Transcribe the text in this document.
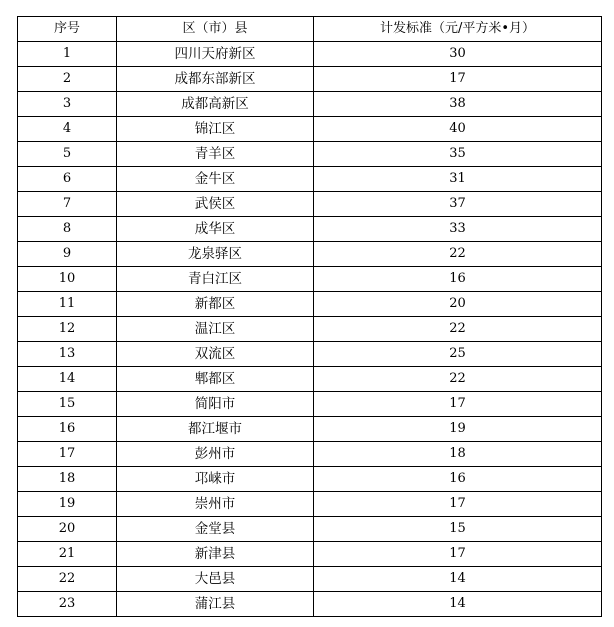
序号	区（市）县	计发标准（元/平方米•月）
1	四川天府新区	30
2	成都东部新区	17
3	成都高新区	38
4	锦江区	40
5	青羊区	35
6	金牛区	31
7	武侯区	37
8	成华区	33
9	龙泉驿区	22
10	青白江区	16
11	新都区	20
12	温江区	22
13	双流区	25
14	郫都区	22
15	简阳市	17
16	都江堰市	19
17	彭州市	18
18	邛崃市	16
19	崇州市	17
20	金堂县	15
21	新津县	17
22	大邑县	14
23	蒲江县	14
